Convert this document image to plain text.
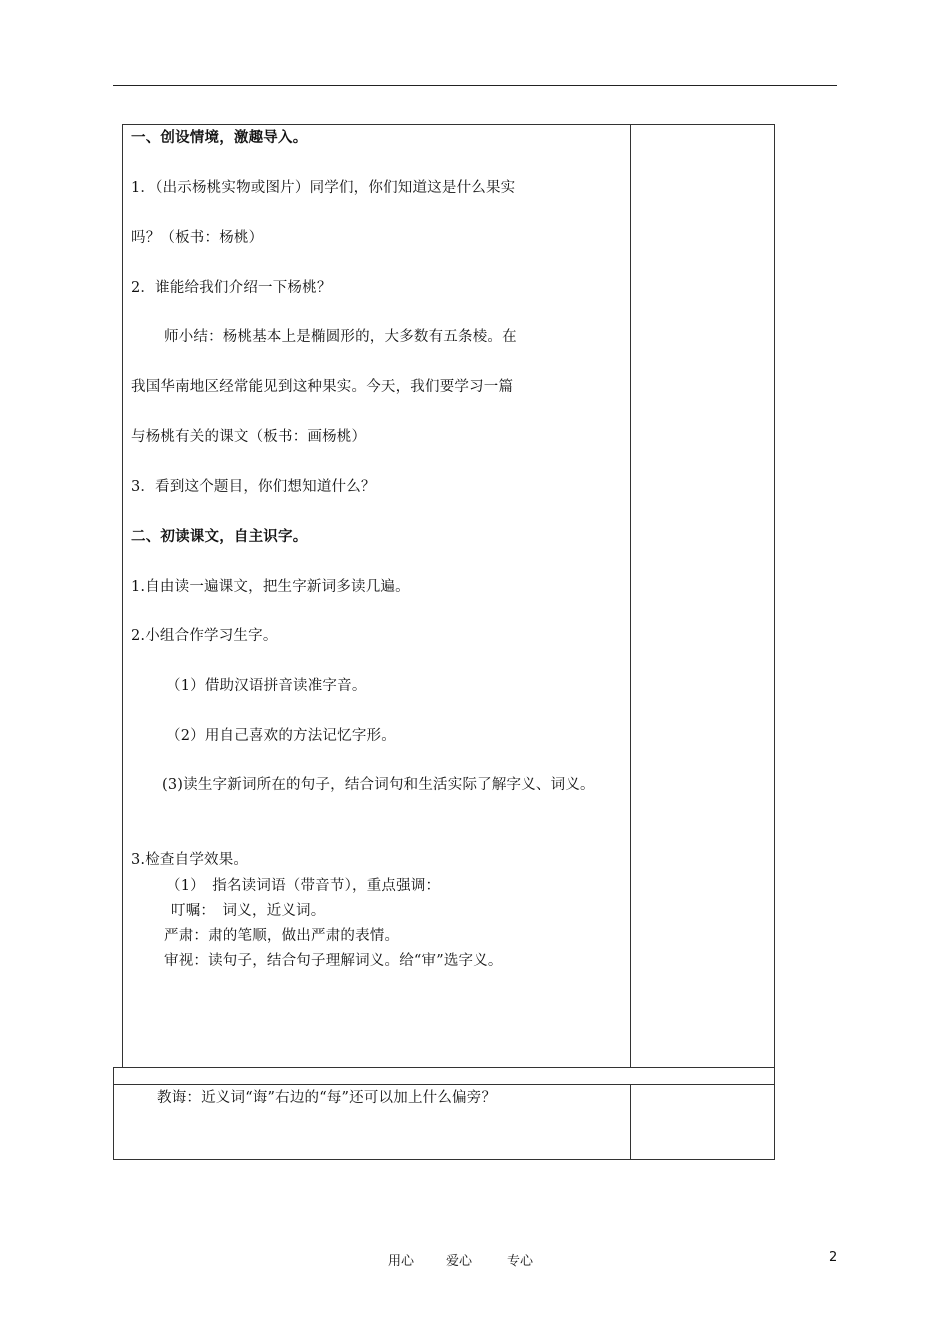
一、创设情境，激趣导入。
1．（出示杨桃实物或图片）同学们，你们知道这是什么果实
吗？（板书：杨桃）
2．谁能给我们介绍一下杨桃？
师小结：杨桃基本上是椭圆形的，大多数有五条棱。在
我国华南地区经常能见到这种果实。今天，我们要学习一篇
与杨桃有关的课文（板书：画杨桃）
3．看到这个题目，你们想知道什么？
二、初读课文，自主识字。
1.自由读一遍课文，把生字新词多读几遍。
2.小组合作学习生字。
（1）借助汉语拼音读准字音。
（2）用自己喜欢的方法记忆字形。
(3)读生字新词所在的句子，结合词句和生活实际了解字义、词义。
3.检查自学效果。
（1）　指名读词语（带音节），重点强调：
叮嘱：　词义，近义词。
严肃：肃的笔顺，做出严肃的表情。
审视：读句子，结合句子理解词义。给“审”选字义。
教诲：近义词“诲”右边的“每”还可以加上什么偏旁？
用心 爱心	专心	2
